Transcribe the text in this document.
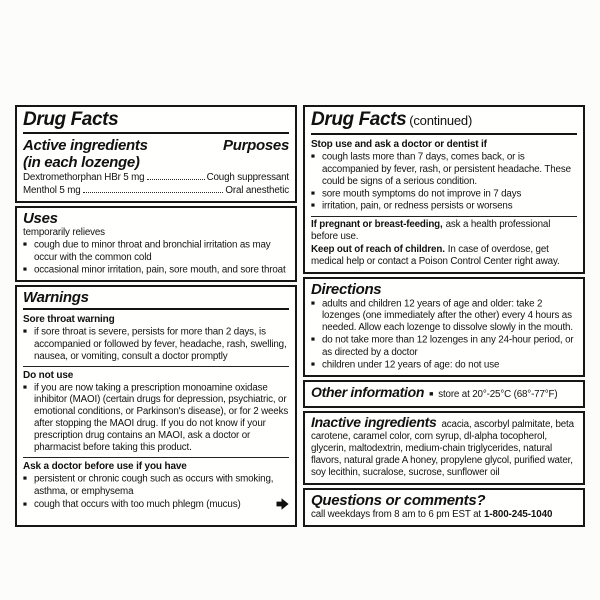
Drug Facts
Active ingredients	Purposes
(in each lozenge)
Dextromethorphan HBr 5 mg	Cough suppressant
Menthol 5 mg	Oral anesthetic
Uses
temporarily relieves
■ cough due to minor throat and bronchial irritation as may occur with the common cold
■ occasional minor irritation, pain, sore mouth, and sore throat
Warnings
Sore throat warning
■ if sore throat is severe, persists for more than 2 days, is accompanied or followed by fever, headache, rash, swelling, nausea, or vomiting, consult a doctor promptly
Do not use
■ if you are now taking a prescription monoamine oxidase inhibitor (MAOI) (certain drugs for depression, psychiatric, or emotional conditions, or Parkinson's disease), or for 2 weeks after stopping the MAOI drug. If you do not know if your prescription drug contains an MAOI, ask a doctor or pharmacist before taking this product.
Ask a doctor before use if you have
■ persistent or chronic cough such as occurs with smoking, asthma, or emphysema
■ cough that occurs with too much phlegm (mucus)
Drug Facts (continued)
Stop use and ask a doctor or dentist if
■ cough lasts more than 7 days, comes back, or is accompanied by fever, rash, or persistent headache. These could be signs of a serious condition.
■ sore mouth symptoms do not improve in 7 days
■ irritation, pain, or redness persists or worsens
If pregnant or breast-feeding, ask a health professional before use.
Keep out of reach of children. In case of overdose, get medical help or contact a Poison Control Center right away.
Directions
■ adults and children 12 years of age and older: take 2 lozenges (one immediately after the other) every 4 hours as needed. Allow each lozenge to dissolve slowly in the mouth.
■ do not take more than 12 lozenges in any 24-hour period, or as directed by a doctor
■ children under 12 years of age: do not use
Other information ■ store at 20°-25°C (68°-77°F)

Inactive ingredients acacia, ascorbyl palmitate, beta carotene, caramel color, corn syrup, dl-alpha tocopherol, glycerin, maltodextrin, medium-chain triglycerides, natural flavors, natural grade A honey, propylene glycol, purified water, soy lecithin, sucralose, sucrose, sunflower oil

Questions or comments?
call weekdays from 8 am to 6 pm EST at 1-800-245-1040
